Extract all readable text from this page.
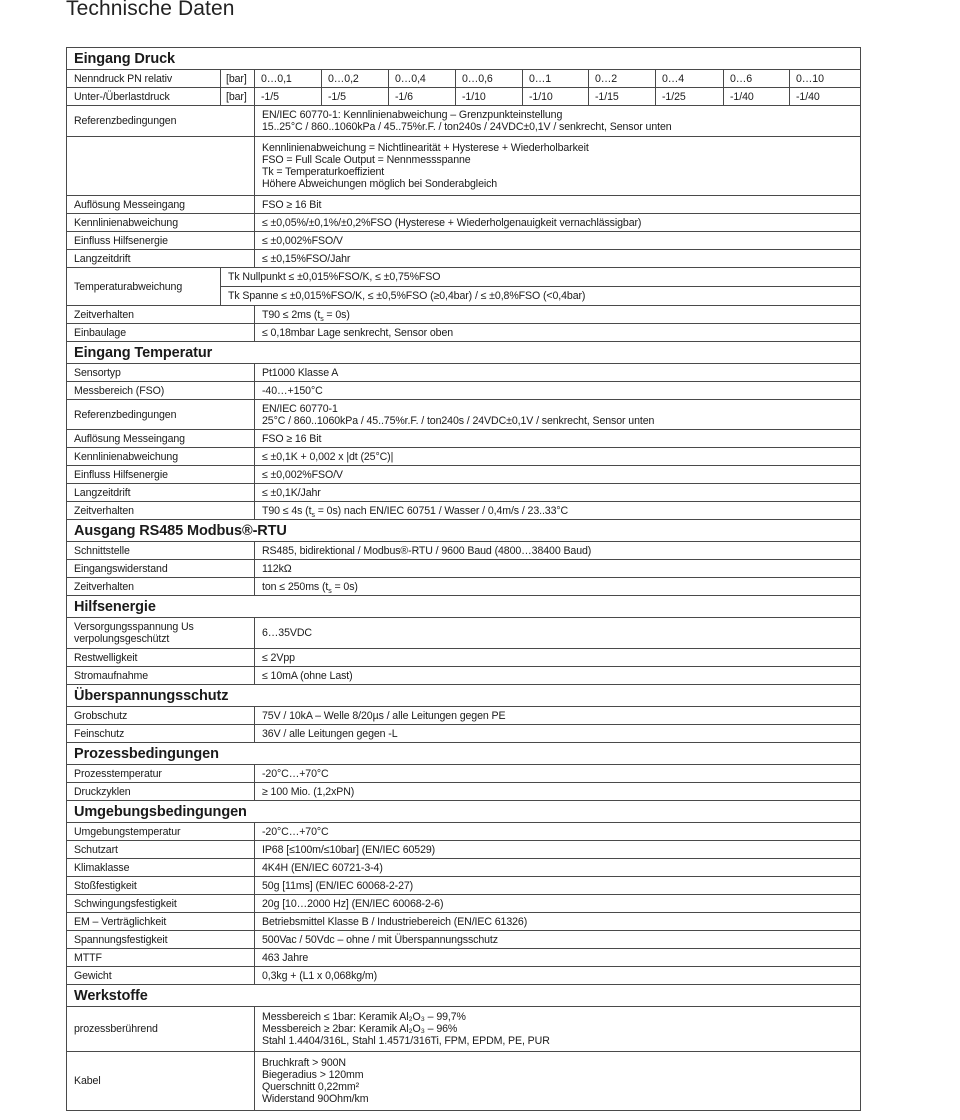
Technische Daten
Eingang Druck										
Nenndruck PN relativ	[bar]	0…0,1	0…0,2	0…0,4	0…0,6	0…1	0…2	0…4	0…6	0…10
Unter-/Überlastdruck	[bar]	-1/5	-1/5	-1/6	-1/10	-1/10	-1/15	-1/25	-1/40	-1/40
Referenzbedingungen		EN/IEC 60770-1: Kennlinienabweichung – Grenzpunkteinstellung
15..25°C / 860..1060kPa / 45..75%r.F. / ton240s / 24VDC±0,1V / senkrecht, Sensor unten								

		Kennlinienabweichung = Nichtlinearität + Hysterese + Wiederholbarkeit
FSO = Full Scale Output = Nennmessspanne
Tk = Temperaturkoeffizient
Höhere Abweichungen möglich bei Sonderabgleich								

Auflösung Messeingang		FSO ≥ 16 Bit								

Kennlinienabweichung		≤ ±0,05%/±0,1%/±0,2%FSO (Hysterese + Wiederholgenauigkeit vernachlässigbar)								

Einfluss Hilfsenergie		≤ ±0,002%FSO/V								

Langzeitdrift		≤ ±0,15%FSO/Jahr								

Temperaturabweichung	Tk Nullpunkt ≤ ±0,015%FSO/K, ≤ ±0,75%FSO									
	Tk Spanne ≤ ±0,015%FSO/K, ≤ ±0,5%FSO (≥0,4bar) / ≤ ±0,8%FSO (<0,4bar)									
Zeitverhalten		T90 ≤ 2ms $(t_s = 0s)$								
Einbaulage		≤ 0,18mbar Lage senkrecht, Sensor oben								

Eingang Temperatur										
Sensortyp		Pt1000 Klasse A								

Messbereich (FSO)		-40…+150°C								

Referenzbedingungen		EN/IEC 60770-1
25°C / 860..1060kPa / 45..75%r.F. / ton240s / 24VDC±0,1V / senkrecht, Sensor unten								

Auflösung Messeingang		FSO ≥ 16 Bit								

Kennlinienabweichung		≤ ±0,1K + 0,002 x |dt (25°C)|								

Einfluss Hilfsenergie		≤ ±0,002%FSO/V								

Langzeitdrift		≤ ±0,1K/Jahr								

Zeitverhalten		T90 ≤ 4s $(t_s = 0s)$ nach EN/IEC 60751 / Wasser / 0,4m/s / 23..33°C								
Ausgang RS485 Modbus®-RTU										
Schnittstelle		RS485, bidirektional / Modbus®-RTU / 9600 Baud (4800…38400 Baud)								

Eingangswiderstand		112kΩ								

Zeitverhalten		ton ≤ 250ms $(t_s = 0s)$								
Hilfsenergie										
Versorgungsspannung Us
verpolungsgeschützt		6…35VDC								

Restwelligkeit		≤ 2Vpp								

Stromaufnahme		≤ 10mA (ohne Last)								

Überspannungsschutz										
Grobschutz		75V / 10kA – Welle 8/20µs / alle Leitungen gegen PE								

Feinschutz		36V / alle Leitungen gegen -L								

Prozessbedingungen										
Prozesstemperatur		-20°C…+70°C								

Druckzyklen		≥ 100 Mio. (1,2xPN)								

Umgebungsbedingungen										
Umgebungstemperatur		-20°C…+70°C								

Schutzart		IP68 [≤100m/≤10bar] (EN/IEC 60529)								

Klimaklasse		4K4H (EN/IEC 60721-3-4)								

Stoßfestigkeit		50g [11ms] (EN/IEC 60068-2-27)								

Schwingungsfestigkeit		20g [10…2000 Hz] (EN/IEC 60068-2-6)								

EM – Verträglichkeit		Betriebsmittel Klasse B / Industriebereich (EN/IEC 61326)								

Spannungsfestigkeit		500Vac / 50Vdc – ohne / mit Überspannungsschutz								

MTTF		463 Jahre								

Gewicht		0,3kg + (L1 x 0,068kg/m)								

Werkstoffe										
prozessberührend		Messbereich ≤ 1bar: Keramik Al₂O₃ – 99,7%
Messbereich ≥ 2bar: Keramik Al₂O₃ – 96%
Stahl 1.4404/316L, Stahl 1.4571/316Ti, FPM, EPDM, PE, PUR								

Kabel		Bruchkraft > 900N
Biegeradius > 120mm
Querschnitt 0,22mm²
Widerstand 90Ohm/km								
